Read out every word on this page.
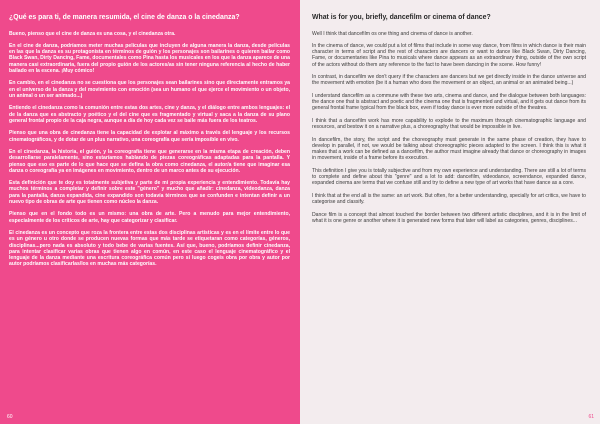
¿Qué es para ti, de manera resumida, el cine de danza o la cinedanza?
Bueno, pienso que el cine de danza es una cosa, y el cinedanza otra.
En el cine de danza, podríamos meter muchas películas que incluyen de alguna manera la danza, desde películas en las que la danza es su protagonista en términos de guión y los personajes son bailarines o quieren bailar como Black Swan, Dirty Dancing, Fame, documentales como Pina hasta los musicales en los que la danza aparece de una manera casi extraordinaria, fuera del propio guión de los actores/as sin tener ninguna referencia al hecho de haber bailado en la escena. ¡Muy cómico!
En cambio, en el cinedanza no se cuestiona que los personajes sean bailarines sino que directamente entramos ya en el universo de la danza y del movimiento con emoción (sea un humano el que ejerce el movimiento o un objeto, un animal o un ser animado...)
Entiendo el cinedanza como la comunión entre estas dos artes, cine y danza, y el diálogo entre ambos lenguajes: el de la danza que es abstracto y poético y el del cine que es fragmentado y virtual y saca a la danza de su plano general frontal propio de la caja negra, aunque a día de hoy cada vez se baile más fuera de los teatros.
Pienso que una obra de cinedanza tiene la capacidad de explotar al máximo a través del lenguaje y los recursos cinematográficos, y de dotar de un plus narrativo, una coreografía que sería imposible en vivo.
En el cinedanza, la historia, el guión, y la coreografía tiene que generarse en la misma etapa de creación, deben desarrollarse paralelamente, sino estaríamos hablando de piezas coreográficas adaptadas para la pantalla. Y pienso que eso es parte de lo que hace que se defina la obra como cinedanza, el autor/a tiene que imaginar esa danza o coreografía ya en imágenes en movimiento, dentro de un marco antes de su ejecución.
Esta definición que te doy es totalmente subjetiva y parte de mi propia experiencia y entendimiento. Todavía hay muchos términos a completar y definir sobre este "género" y mucho que añadir: cinedanza, videodanza, danza para la pantalla, danza expandida, cine expandido son todavía términos que se confunden e intentan definir a un nuevo tipo de obras de arte que tienen como núcleo la danza.
Pienso que en el fondo todo es un mismo: una obra de arte. Pero a menudo para mejor entendimiento, especialmente de los críticos de arte, hay que categorizar y clasificar.
El cinedanza es un concepto que roza la frontera entre estas dos disciplinas artísticas y es en el límite entre lo que es un género u otro donde se producen nuevas formas que más tarde se etiquetaran como categorías, géneros, disciplinas...pero nada es absoluto y todo bebe de varias fuentes. Así que, bueno, podríamos definir cinedanza, para intentar clasificar varias obras que tienen algo en común, en este caso el lenguaje cinematográfico y el lenguaje de la danza mediante una escritura coreográfica común pero sí luego cogeis obra por obra y autor por autor podríamos clasificarlas/los en muchas más categorías.
60
What is for you, briefly, dancefilm or cinema of dance?
Well I think that dancefilm os one thing and cinema of dance is another.
In the cinema of dance, we could put a lot of films that include in some way dance, from films in which dance is their main character in terms of script and the rest of characters are dancers or want to dance like Black Swan, Dirty Dancing, Fame, or documentaries like Pina to musicals where dance appears as an extraordinary thing, outside of the own script of the actors without do them any reference to the fact to have been dancing in the scene. How funny!
In contrast, in dancefilm we don't query if the characters are dancers but we get directly inside in the dance universe and the movement with emotion (be it a human who does the movement or an object, an animal or an animated being...)
I understand dancefilm as a commune with these two arts, cinema and dance, and the dialogue between both languages: the dance one that is abstract and poetic and the cinema one that is fragmented and virtual, and it gets out dance from its general frontal frame typical from the black box, even if today dance is ever more outside of the theatres.
I think that a dancefilm work has more capability to explode to the maximum through cinematographic language and resources, and bestow it on a narrative plus, a choreography that would be impossible in live.
In dancefilm, the story, the script and the choreography must generate in the same phase of creation, they have to develop in parallel, if not, we would be talking about choreographic pieces adapted to the screen. I think this is what it makes that a work can be defined as a dancefilm, the author must imagine already that dance or choreography in images in movement, inside of a frame before its execution.
This definition I give you is totally subjective and from my own experience and understanding. There are still a lot of terms to complete and define about this "genre" and a lot to add: dancefilm, videodance, screendance, expanded dance, expanded cinema are terms that we confuse still and try to define a new type of art works that have dance as a core.
I think that at the end all is the same: an art work. But often, for a better understanding, specially for art critics, we have to categorise and classify.
Dance film is a concept that almost touched the border between two different artistic disciplines, and it is in the limit of what it is one genre or another where it is generated new forms that later will label as categories, genres, disciplines...
61
